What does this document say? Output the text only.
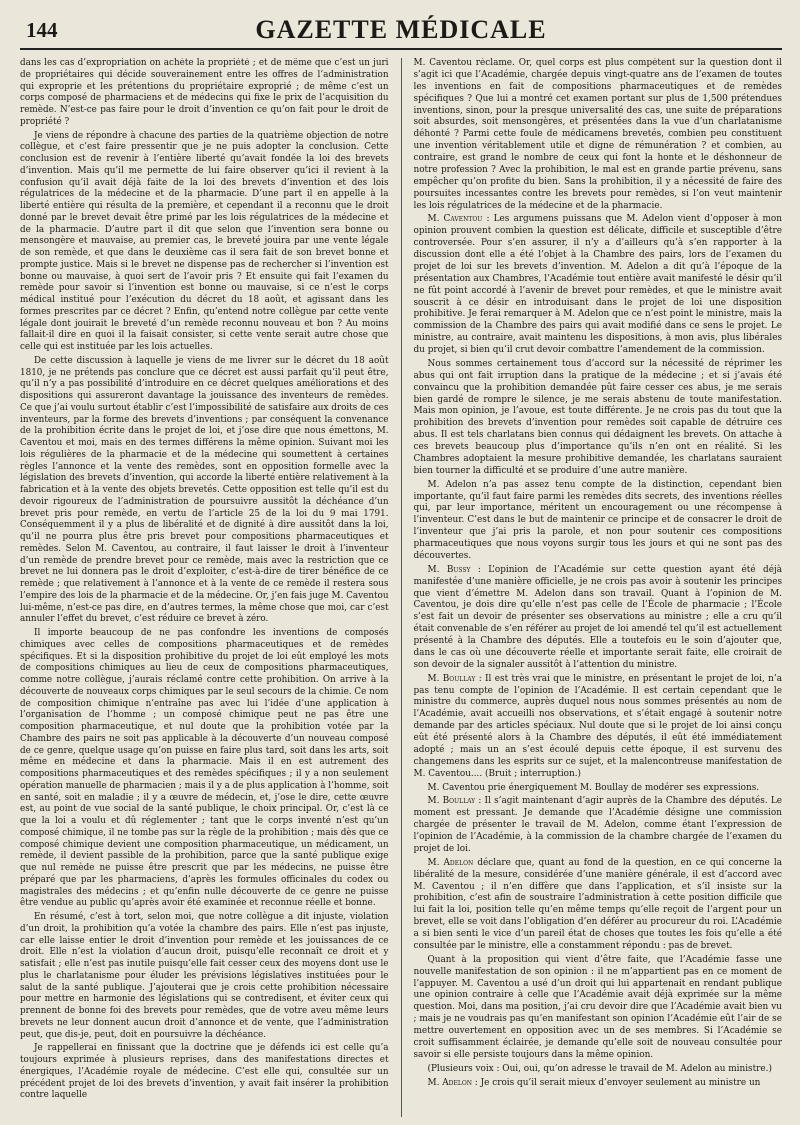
144	GAZETTE MÉDICALE

dans les cas d’expropriation on achète la propriété ; et de même que c’est un juri de propriétaires qui décide souverainement entre les offres de l’administration qui exproprie et les prétentions du propriétaire exproprié ; de même c’est un corps composé de pharmaciens et de médecins qui fixe le prix de l’acquisition du remède. N’est-ce pas faire pour le droit d’invention ce qu’on fait pour le droit de propriété ?

Je viens de répondre à chacune des parties de la quatrième objection de notre collègue, et c’est faire pressentir que je ne puis adopter la conclusion. Cette conclusion est de revenir à l’entière liberté qu’avait fondée la loi des brevets d’invention. Mais qu’il me permette de lui faire observer qu’ici il revient à la confusion qu’il avait déjà faite de la loi des brevets d’invention et des lois régulatrices de la médecine et de la pharmacie. D’une part il en appelle à la liberté entière qui résulta de la première, et cependant il a reconnu que le droit donné par le brevet devait être primé par les lois régulatrices de la médecine et de la pharmacie. D’autre part il dit que selon que l’invention sera bonne ou mensongère et mauvaise, au premier cas, le breveté jouira par une vente légale de son remède, et que dans le deuxième cas il sera fait de son brevet bonne et prompte justice. Mais si le brevet ne dispense pas de rechercher si l’invention est bonne ou mauvaise, à quoi sert de l’avoir pris ? Et ensuite qui fait l’examen du remède pour savoir si l’invention est bonne ou mauvaise, si ce n’est le corps médical institué pour l’exécution du décret du 18 août, et agissant dans les formes prescrites par ce décret ? Enfin, qu’entend notre collègue par cette vente légale dont jouirait le breveté d’un remède reconnu nouveau et bon ? Au moins fallait-il dire en quoi il la faisait consister, si cette vente serait autre chose que celle qui est instituée par les lois actuelles.

De cette discussion à laquelle je viens de me livrer sur le décret du 18 août 1810, je ne prétends pas conclure que ce décret est aussi parfait qu’il peut être, qu’il n’y a pas possibilité d’introduire en ce décret quelques améliorations et des dispositions qui assureront davantage la jouissance des inventeurs de remèdes. Ce que j’ai voulu surtout établir c’est l’impossibilité de satisfaire aux droits de ces inventeurs, par la forme des brevets d’inventions ; par conséquent la convenance de la prohibition écrite dans le projet de loi, et j’ose dire que nous émettons, M. Caventou et moi, mais en des termes différens la même opinion. Suivant moi les lois régulières de la pharmacie et de la médecine qui soumettent à certaines règles l’annonce et la vente des remèdes, sont en opposition formelle avec la législation des brevets d’invention, qui accorde la liberté entière relativement à la fabrication et à la vente des objets brevetés. Cette opposition est telle qu’il est du devoir rigoureux de l’administration de poursuivre aussitôt la déchéance d’un brevet pris pour remède, en vertu de l’article 25 de la loi du 9 mai 1791. Conséquemment il y a plus de libéralité et de dignité à dire aussitôt dans la loi, qu’il ne pourra plus être pris brevet pour compositions pharmaceutiques et remèdes. Selon M. Caventou, au contraire, il faut laisser le droit à l’inventeur d’un remède de prendre brevet pour ce remède, mais avec la restriction que ce brevet ne lui donnera pas le droit d’exploiter, c’est-à-dire de tirer bénéfice de ce remède ; que relativement à l’annonce et à la vente de ce remède il restera sous l’empire des lois de la pharmacie et de la médecine. Or, j’en fais juge M. Caventou lui-même, n’est-ce pas dire, en d’autres termes, la même chose que moi, car c’est annuler l’effet du brevet, c’est réduire ce brevet à zéro.

Il importe beaucoup de ne pas confondre les inventions de composés chimiques avec celles de compositions pharmaceutiques et de remèdes spécifiques. Et si la disposition prohibitive du projet de loi eût employé les mots de compositions chimiques au lieu de ceux de compositions pharmaceutiques, comme notre collègue, j’aurais réclamé contre cette prohibition. On arrive à la découverte de nouveaux corps chimiques par le seul secours de la chimie. Ce nom de composition chimique n’entraîne pas avec lui l’idée d’une application à l’organisation de l’homme ; un composé chimique peut ne pas être une composition pharmaceutique, et nul doute que la prohibition votée par la Chambre des pairs ne soit pas applicable à la découverte d’un nouveau composé de ce genre, quelque usage qu’on puisse en faire plus tard, soit dans les arts, soit même en médecine et dans la pharmacie. Mais il en est autrement des compositions pharmaceutiques et des remèdes spécifiques ; il y a non seulement opération manuelle de pharmacien ; mais il y a de plus application à l’homme, soit en santé, soit en maladie ; il y a œuvre de médecin, et, j’ose le dire, cette œuvre est, au point de vue social de la santé publique, le choix principal. Or, c’est là ce que la loi a voulu et dû réglementer ; tant que le corps inventé n’est qu’un composé chimique, il ne tombe pas sur la règle de la prohibition ; mais dès que ce composé chimique devient une composition pharmaceutique, un médicament, un remède, il devient passible de la prohibition, parce que la santé publique exige que nul remède ne puisse être prescrit que par les médecins, ne puisse être préparé que par les pharmaciens, d’après les formules officinales du codex ou magistrales des médecins ; et qu’enfin nulle découverte de ce genre ne puisse être vendue au public qu’après avoir été examinée et reconnue réelle et bonne.

En résumé, c’est à tort, selon moi, que notre collègue a dit injuste, violation d’un droit, la prohibition qu’a votée la chambre des pairs. Elle n’est pas injuste, car elle laisse entier le droit d’invention pour remède et les jouissances de ce droit. Elle n’est la violation d’aucun droit, puisqu’elle reconnaît ce droit et y satisfait ; elle n’est pas inutile puisqu’elle fait cesser ceux des moyens dont use le plus le charlatanisme pour éluder les prévisions législatives instituées pour le salut de la santé publique. J’ajouterai que je crois cette prohibition nécessaire pour mettre en harmonie des législations qui se contredisent, et éviter ceux qui prennent de bonne foi des brevets pour remèdes, que de votre aveu même leurs brevets ne leur donnent aucun droit d’annonce et de vente, que l’administration peut, que dis-je, peut, doit en poursuivre la déchéance.

Je rappellerai en finissant que la doctrine que je défends ici est celle qu’a toujours exprimée à plusieurs reprises, dans des manifestations directes et énergiques, l’Académie royale de médecine. C’est elle qui, consultée sur un précédent projet de loi des brevets d’invention, y avait fait insérer la prohibition contre laquelle

M. Caventou réclame. Or, quel corps est plus compétent sur la question dont il s’agit ici que l’Académie, chargée depuis vingt-quatre ans de l’examen de toutes les inventions en fait de compositions pharmaceutiques et de remèdes spécifiques ? Que lui a montré cet examen portant sur plus de 1,500 prétendues inventions, sinon, pour la presque universalité des cas, une suite de préparations soit absurdes, soit mensongères, et présentées dans la vue d’un charlatanisme déhonté ? Parmi cette foule de médicamens brevetés, combien peu constituent une invention véritablement utile et digne de rémunération ? et combien, au contraire, est grand le nombre de ceux qui font la honte et le déshonneur de notre profession ? Avec la prohibition, le mal est en grande partie prévenu, sans empêcher qu’on profite du bien. Sans la prohibition, il y a nécessité de faire des poursuites incessantes contre les brevets pour remèdes, si l’on veut maintenir les lois régulatrices de la médecine et de la pharmacie.

M. Caventou : Les argumens puissans que M. Adelon vient d’opposer à mon opinion prouvent combien la question est délicate, difficile et susceptible d’être controversée. Pour s’en assurer, il n’y a d’ailleurs qu’à s’en rapporter à la discussion dont elle a été l’objet à la Chambre des pairs, lors de l’examen du projet de loi sur les brevets d’invention. M. Adelon a dit qu’à l’époque de la présentation aux Chambres, l’Académie tout entière avait manifesté le désir qu’il ne fût point accordé à l’avenir de brevet pour remèdes, et que le ministre avait souscrit à ce désir en introduisant dans le projet de loi une disposition prohibitive. Je ferai remarquer à M. Adelon que ce n’est point le ministre, mais la commission de la Chambre des pairs qui avait modifié dans ce sens le projet. Le ministre, au contraire, avait maintenu les dispositions, à mon avis, plus libérales du projet, si bien qu’il crut devoir combattre l’amendement de la commission.

Nous sommes certainement tous d’accord sur la nécessité de réprimer les abus qui ont fait irruption dans la pratique de la médecine ; et si j’avais été convaincu que la prohibition demandée pût faire cesser ces abus, je me serais bien gardé de rompre le silence, je me serais abstenu de toute manifestation. Mais mon opinion, je l’avoue, est toute différente. Je ne crois pas du tout que la prohibition des brevets d’invention pour remèdes soit capable de détruire ces abus. Il est tels charlatans bien connus qui dédaignent les brevets. On attache à ces brevets beaucoup plus d’importance qu’ils n’en ont en réalité. Si les Chambres adoptaient la mesure prohibitive demandée, les charlatans sauraient bien tourner la difficulté et se produire d’une autre manière.

M. Adelon n’a pas assez tenu compte de la distinction, cependant bien importante, qu’il faut faire parmi les remèdes dits secrets, des inventions réelles qui, par leur importance, méritent un encouragement ou une récompense à l’inventeur. C’est dans le but de maintenir ce principe et de consacrer le droit de l’inventeur que j’ai pris la parole, et non pour soutenir ces compositions pharmaceutiques que nous voyons surgir tous les jours et qui ne sont pas des découvertes.

M. Bussy : L’opinion de l’Académie sur cette question ayant été déjà manifestée d’une manière officielle, je ne crois pas avoir à soutenir les principes que vient d’émettre M. Adelon dans son travail. Quant à l’opinion de M. Caventou, je dois dire qu’elle n’est pas celle de l’École de pharmacie ; l’École s’est fait un devoir de présenter ses observations au ministre ; elle a cru qu’il était convenable de s’en référer au projet de loi amendé tel qu’il est actuellement présenté à la Chambre des députés. Elle a toutefois eu le soin d’ajouter que, dans le cas où une découverte réelle et importante serait faite, elle croirait de son devoir de la signaler aussitôt à l’attention du ministre.

M. Boullay : Il est très vrai que le ministre, en présentant le projet de loi, n’a pas tenu compte de l’opinion de l’Académie. Il est certain cependant que le ministre du commerce, auprès duquel nous nous sommes présentés au nom de l’Académie, avait accueilli nos observations, et s’était engagé à soutenir notre demande par des articles spéciaux. Nul doute que si le projet de loi ainsi conçu eût été présenté alors à la Chambre des députés, il eût été immédiatement adopté ; mais un an s’est écoulé depuis cette époque, il est survenu des changemens dans les esprits sur ce sujet, et la malencontreuse manifestation de M. Caventou.... (Bruit ; interruption.)

M. Caventou prie énergiquement M. Boullay de modérer ses expressions.

M. Boullay : Il s’agit maintenant d’agir auprès de la Chambre des députés. Le moment est pressant. Je demande que l’Académie désigne une commission chargée de présenter le travail de M. Adelon, comme étant l’expression de l’opinion de l’Académie, à la commission de la chambre chargée de l’examen du projet de loi.

M. Adelon déclare que, quant au fond de la question, en ce qui concerne la libéralité de la mesure, considérée d’une manière générale, il est d’accord avec M. Caventou ; il n’en diffère que dans l’application, et s’il insiste sur la prohibition, c’est afin de soustraire l’administration à cette position difficile que lui fait la loi, position telle qu’en même temps qu’elle reçoit de l’argent pour un brevet, elle se voit dans l’obligation d’en déférer au procureur du roi. L’Académie a si bien senti le vice d’un pareil état de choses que toutes les fois qu’elle a été consultée par le ministre, elle a constamment répondu : pas de brevet.

Quant à la proposition qui vient d’être faite, que l’Académie fasse une nouvelle manifestation de son opinion : il ne m’appartient pas en ce moment de l’appuyer. M. Caventou a usé d’un droit qui lui appartenait en rendant publique une opinion contraire à celle que l’Académie avait déjà exprimée sur la même question. Moi, dans ma position, j’ai cru devoir dire que l’Académie avait bien vu ; mais je ne voudrais pas qu’en manifestant son opinion l’Académie eût l’air de se mettre ouvertement en opposition avec un de ses membres. Si l’Académie se croit suffisamment éclairée, je demande qu’elle soit de nouveau consultée pour savoir si elle persiste toujours dans la même opinion.

(Plusieurs voix : Oui, oui, qu’on adresse le travail de M. Adelon au ministre.)

M. Adelon : Je crois qu’il serait mieux d’envoyer seulement au ministre un
